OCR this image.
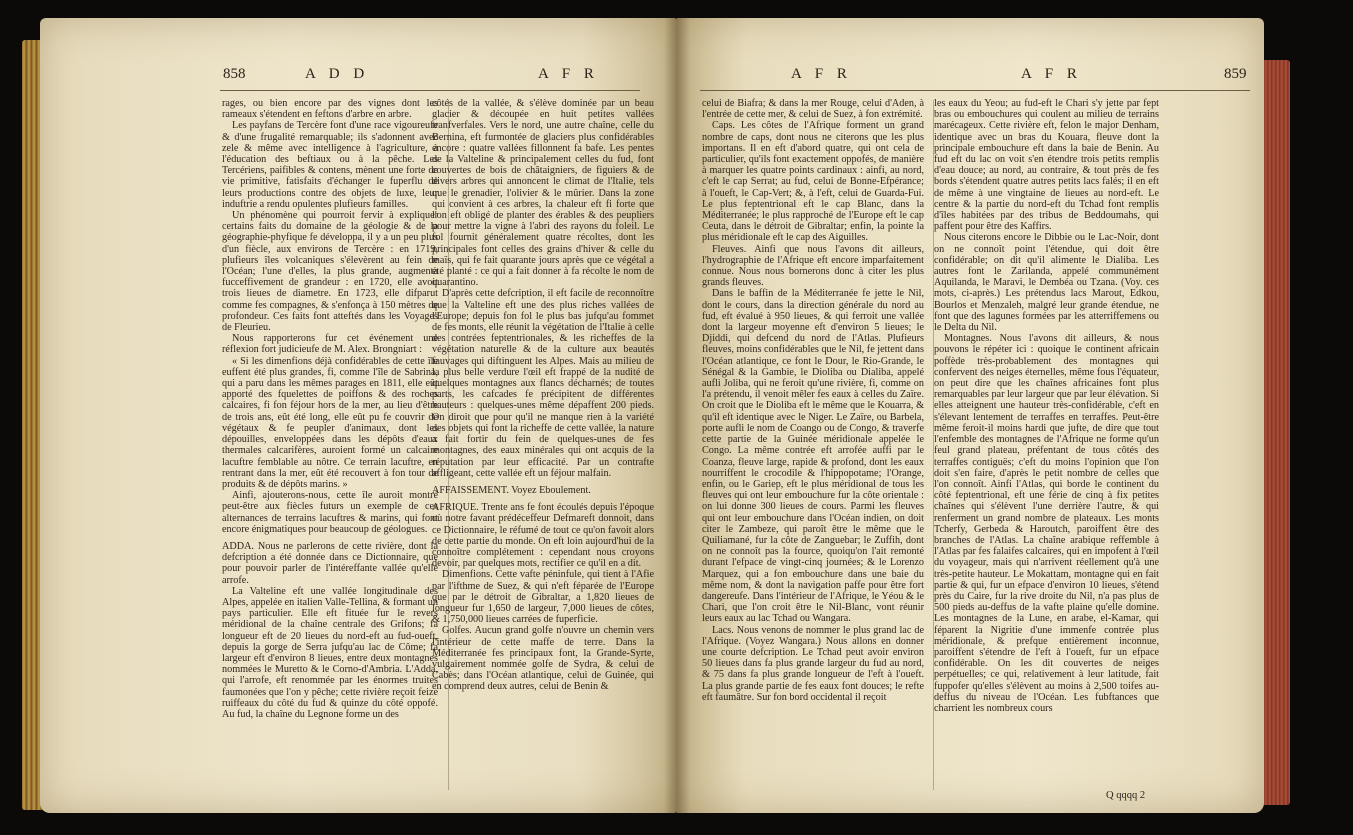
858	A D D	A F R

rages, ou bien encore par des vignes dont les rameaux s'étendent en feftons d'arbre en arbre.

Les payfans de Tercère font d'une race vigoureufe & d'une frugalité remarquable; ils s'adonnent avec zele & même avec intelligence à l'agriculture, à l'éducation des beftiaux ou à la pêche. Les Tercériens, paifibles & contens, mènent une forte de vie primitive, fatisfaits d'échanger le fuperflu de leurs productions contre des objets de luxe, leur induftrie a rendu opulentes plufieurs familles.

Un phénomène qui pourroit fervir à expliquer certains faits du domaine de la géologie & de la géographie-phyfique fe développa, il y a un peu plus d'un fiècle, aux environs de Tercère : en 1719, plufieurs îles volcaniques s'élevèrent au fein de l'Océan; l'une d'elles, la plus grande, augmenta fucceffivement de grandeur : en 1720, elle avoit trois lieues de diametre. En 1723, elle difparut comme fes compagnes, & s'enfonça à 150 mètres de profondeur. Ces faits font atteftés dans les Voyages de Fleurieu.

Nous rapporterons fur cet événement une réflexion fort judicieufe de M. Alex. Brongniart :

« Si les dimenfions déjà confidérables de cette île euffent été plus grandes, fi, comme l'île de Sabrina, qui a paru dans les mêmes parages en 1811, elle eût apporté des fquelettes de poiffons & des roches calcaires, fi fon féjour hors de la mer, au lieu d'être de trois ans, eût été long, elle eût pu fe couvrir de végétaux & fe peupler d'animaux, dont les dépouilles, enveloppées dans les dépôts d'eaux thermales calcarifères, auroient formé un calcaire lacuftre femblable au nôtre. Ce terrain lacuftre, en rentrant dans la mer, eût été recouvert à fon tour de produits & de dépôts marins. »

Ainfi, ajouterons-nous, cette île auroit montré peut-être aux fiècles futurs un exemple de ces alternances de terrains lacuftres & marins, qui font encore énigmatiques pour beaucoup de géologues.

ADDA. Nous ne parlerons de cette rivière, dont la defcription a été donnée dans ce Dictionnaire, que pour pouvoir parler de l'intéreffante vallée qu'elle arrofe.

La Valteline eft une vallée longitudinale des Alpes, appelée en italien Valle-Tellina, & formant un pays particulier. Elle eft fituée fur le revers méridional de la chaîne centrale des Grifons; fa longueur eft de 20 lieues du nord-eft au fud-oueft, depuis la gorge de Serra jufqu'au lac de Côme; fa largeur eft d'environ 8 lieues, entre deux montagnes nommées le Muretto & le Corno-d'Ambria. L'Adda, qui l'arrofe, eft renommée par les énormes truites faumonées que l'on y pêche; cette rivière reçoit feize ruiffeaux du côté du fud & quinze du côté oppofé. Au fud, la chaîne du Legnone forme un des

côtés de la vallée, & s'élève dominée par un beau glacier & découpée en huit petites vallées tranfverfales. Vers le nord, une autre chaîne, celle du Bernina, eft furmontée de glaciers plus confidérables encore : quatre vallées fillonnent fa bafe. Les pentes de la Valteline & principalement celles du fud, font couvertes de bois de châtaigniers, de figuiers & de divers arbres qui annoncent le climat de l'Italie, tels que le grenadier, l'olivier & le mûrier. Dans la zone qui convient à ces arbres, la chaleur eft fi forte que l'on eft obligé de planter des érables & des peupliers pour mettre la vigne à l'abri des rayons du foleil. Le fol fournit généralement quatre récoltes, dont les principales font celles des grains d'hiver & celle du maïs, qui fe fait quarante jours après que ce végétal a été planté : ce qui a fait donner à fa récolte le nom de quarantino.

D'après cette defcription, il eft facile de reconnoître que la Valteline eft une des plus riches vallées de l'Europe; depuis fon fol le plus bas jufqu'au fommet de fes monts, elle réunit la végétation de l'Italie à celle des contrées feptentrionales, & les richeffes de la végétation naturelle & de la culture aux beautés fauvages qui diftinguent les Alpes. Mais au milieu de la plus belle verdure l'œil eft frappé de la nudité de quelques montagnes aux flancs décharnés; de toutes parts, les cafcades fe précipitent de différentes hauteurs : quelques-unes même dépaffent 200 pieds. On diroit que pour qu'il ne manque rien à la variété des objets qui font la richeffe de cette vallée, la nature a fait fortir du fein de quelques-unes de fes montagnes, des eaux minérales qui ont acquis de la réputation par leur efficacité. Par un contrafte affligeant, cette vallée eft un féjour malfain.

AFFAISSEMENT. Voyez Eboulement.

AFRIQUE. Trente ans fe font écoulés depuis l'époque où notre favant prédéceffeur Defmareft donnoit, dans ce Dictionnaire, le réfumé de tout ce qu'on favoit alors de cette partie du monde. On eft loin aujourd'hui de la connoître complétement : cependant nous croyons devoir, par quelques mots, rectifier ce qu'il en a dit.

Dimenfions. Cette vafte péninfule, qui tient à l'Afie par l'ifthme de Suez, & qui n'eft féparée de l'Europe que par le détroit de Gibraltar, a 1,820 lieues de longueur fur 1,650 de largeur, 7,000 lieues de côtes, & 1,750,000 lieues carrées de fuperficie.

Golfes. Aucun grand golfe n'ouvre un chemin vers l'intérieur de cette maffe de terre. Dans la Méditerranée fes principaux font, la Grande-Syrte, vulgairement nommée golfe de Sydra, & celui de Cabès; dans l'Océan atlantique, celui de Guinée, qui en comprend deux autres, celui de Benin &

A F R	A F R	859

celui de Biafra; & dans la mer Rouge, celui d'Aden, à l'entrée de cette mer, & celui de Suez, à fon extrémité.

Caps. Les côtes de l'Afrique forment un grand nombre de caps, dont nous ne citerons que les plus importans. Il en eft d'abord quatre, qui ont cela de particulier, qu'ils font exactement oppofés, de manière à marquer les quatre points cardinaux : ainfi, au nord, c'eft le cap Serrat; au fud, celui de Bonne-Efpérance; à l'oueft, le Cap-Vert; &, à l'eft, celui de Guarda-Fui. Le plus feptentrional eft le cap Blanc, dans la Méditerranée; le plus rapproché de l'Europe eft le cap Ceuta, dans le détroit de Gibraltar; enfin, la pointe la plus méridionale eft le cap des Aiguilles.

Fleuves. Ainfi que nous l'avons dit ailleurs, l'hydrographie de l'Afrique eft encore imparfaitement connue. Nous nous bornerons donc à citer les plus grands fleuves.

Dans le baffin de la Méditerranée fe jette le Nil, dont le cours, dans la direction générale du nord au fud, eft évalué à 950 lieues, & qui ferroit une vallée dont la largeur moyenne eft d'environ 5 lieues; le Djiddi, qui defcend du nord de l'Atlas. Plufieurs fleuves, moins confidérables que le Nil, fe jettent dans l'Océan atlantique, ce font le Dour, le Rio-Grande, le Sénégal & la Gambie, le Dioliba ou Dialiba, appelé aufli Joliba, qui ne feroit qu'une rivière, fi, comme on l'a prétendu, il venoit mêler fes eaux à celles du Zaïre. On croit que le Dioliba eft le même que le Kouarra, & qu'il eft identique avec le Niger. Le Zaïre, ou Barbela, porte aufli le nom de Coango ou de Congo, & traverfe cette partie de la Guinée méridionale appelée le Congo. La même contrée eft arrofée auffi par le Coanza, fleuve large, rapide & profond, dont les eaux nourriffent le crocodile & l'hippopotame; l'Orange, enfin, ou le Gariep, eft le plus méridional de tous les fleuves qui ont leur embouchure fur la côte orientale : on lui donne 300 lieues de cours. Parmi les fleuves qui ont leur embouchure dans l'Océan indien, on doit citer le Zambeze, qui paroît être le même que le Quiliamané, fur la côte de Zanguebar; le Zuffih, dont on ne connoît pas la fource, quoiqu'on l'ait remonté durant l'efpace de vingt-cinq journées; & le Lorenzo Marquez, qui a fon embouchure dans une baie du même nom, & dont la navigation paffe pour être fort dangereufe. Dans l'intérieur de l'Afrique, le Yéou & le Chari, que l'on croit être le Nil-Blanc, vont réunir leurs eaux au lac Tchad ou Wangara.

Lacs. Nous venons de nommer le plus grand lac de l'Afrique. (Voyez Wangara.) Nous allons en donner une courte defcription. Le Tchad peut avoir environ 50 lieues dans fa plus grande largeur du fud au nord, & 75 dans fa plus grande longueur de l'eft à l'oueft. La plus grande partie de fes eaux font douces; le refte eft faumâtre. Sur fon bord occidental il reçoit

les eaux du Yeou; au fud-eft le Chari s'y jette par fept bras ou embouchures qui coulent au milieu de terrains marécageux. Cette rivière eft, felon le major Denham, identique avec un bras du Kouara, fleuve dont la principale embouchure eft dans la baie de Benin. Au fud eft du lac on voit s'en étendre trois petits remplis d'eau douce; au nord, au contraire, & tout près de fes bords s'étendent quatre autres petits lacs falés; il en eft de même à une vingtaine de lieues au nord-eft. Le centre & la partie du nord-eft du Tchad font remplis d'îles habitées par des tribus de Beddoumahs, qui paffent pour être des Kaffirs.

Nous citerons encore le Dibbie ou le Lac-Noir, dont on ne connoît point l'étendue, qui doit être confidérable; on dit qu'il alimente le Dialiba. Les autres font le Zarilanda, appelé communément Aquilanda, le Maravi, le Dembéa ou Tzana. (Voy. ces mots, ci-après.) Les prétendus lacs Marout, Edkou, Bourlos et Menzaleh, malgré leur grande étendue, ne font que des lagunes formées par les atterriffemens ou le Delta du Nil.

Montagnes. Nous l'avons dit ailleurs, & nous pouvons le répéter ici : quoique le continent africain poffède très-probablement des montagnes qui confervent des neiges éternelles, même fous l'équateur, on peut dire que les chaînes africaines font plus remarquables par leur largeur que par leur élévation. Si elles atteignent une hauteur très-confidérable, c'eft en s'élevant lentement de terraffes en terraffes. Peut-être même feroit-il moins hardi que jufte, de dire que tout l'enfemble des montagnes de l'Afrique ne forme qu'un feul grand plateau, préfentant de tous côtés des terraffes contiguës; c'eft du moins l'opinion que l'on doit s'en faire, d'après le petit nombre de celles que l'on connoît. Ainfi l'Atlas, qui borde le continent du côté feptentrional, eft une férie de cinq à fix petites chaînes qui s'élèvent l'une derrière l'autre, & qui renferment un grand nombre de plateaux. Les monts Tcherfy, Gerbeda & Haroutch, paroiffent être des branches de l'Atlas. La chaîne arabique reffemble à l'Atlas par fes falaifes calcaires, qui en impofent à l'œil du voyageur, mais qui n'arrivent réellement qu'à une très-petite hauteur. Le Mokattam, montagne qui en fait partie & qui, fur un efpace d'environ 10 lieues, s'étend près du Caire, fur la rive droite du Nil, n'a pas plus de 500 pieds au-deffus de la vafte plaine qu'elle domine. Les montagnes de la Lune, en arabe, el-Kamar, qui féparent la Nigritie d'une immenfe contrée plus méridionale, & prefque entièrement inconnue, paroiffent s'étendre de l'eft à l'oueft, fur un efpace confidérable. On les dit couvertes de neiges perpétuelles; ce qui, relativement à leur latitude, fait fuppofer qu'elles s'élèvent au moins à 2,500 toifes au-deffus du niveau de l'Océan. Les fubftances que charrient les nombreux cours

Q qqqq 2
